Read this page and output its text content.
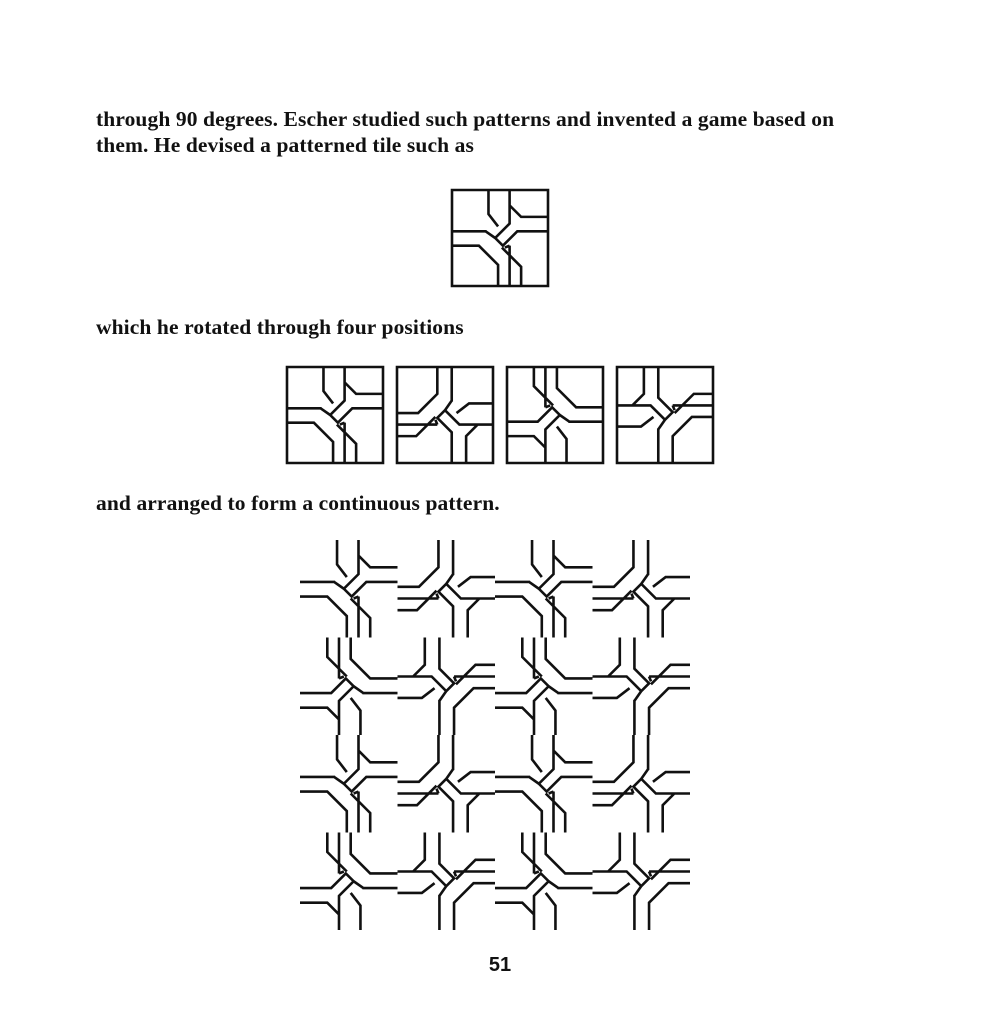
through 90 degrees. Escher studied such patterns and invented a game based on
them. He devised a patterned tile such as
which he rotated through four positions
and arranged to form a continuous pattern.
51
